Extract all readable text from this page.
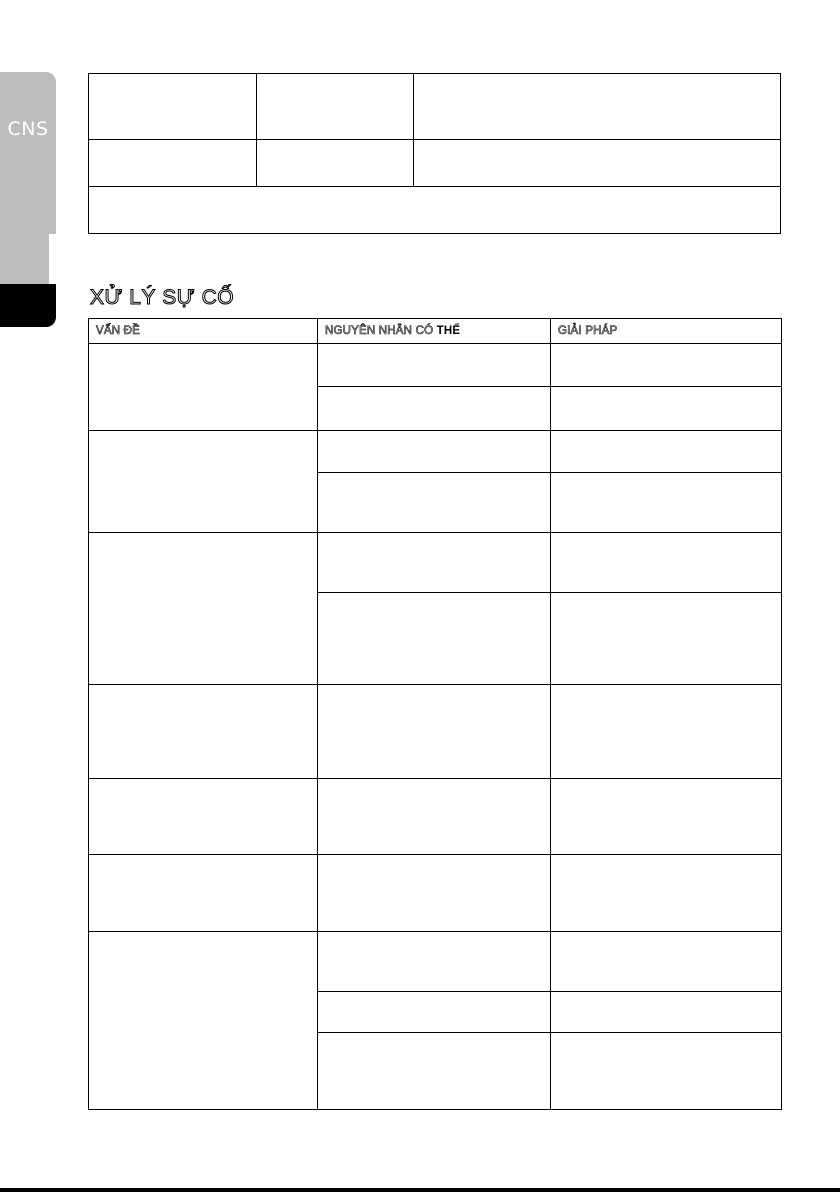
CNS

XỬ LÝ SỰ CỐ
VẤN ĐỀ	NGUYÊN NHÂN CÓ THỂ	GIẢI PHÁP
